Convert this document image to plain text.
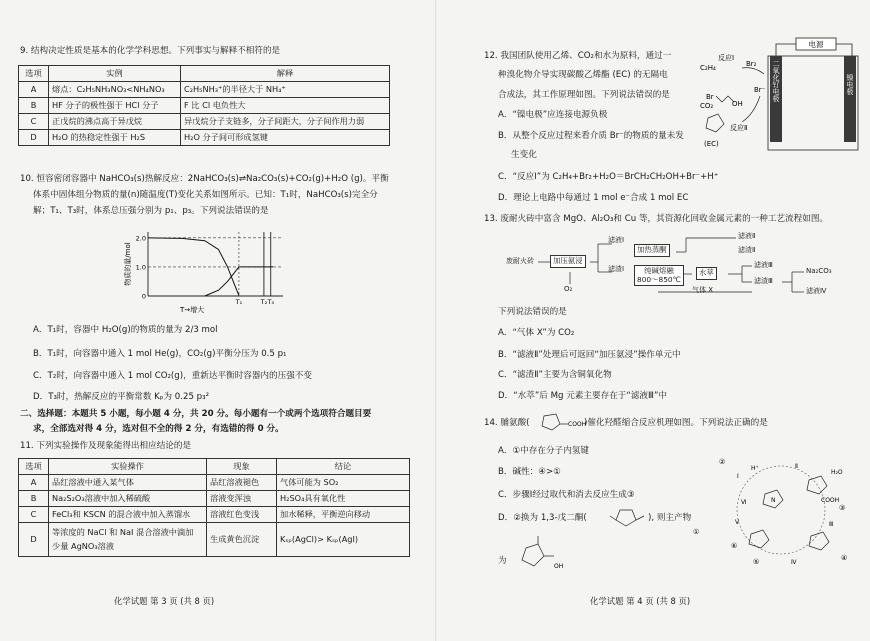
9. 结构决定性质是基本的化学学科思想。下列事实与解释不相符的是
选项	实例	解释
A	熔点：C₂H₅NH₃NO₃<NH₄NO₃	C₂H₅NH₃⁺的半径大于 NH₄⁺
B	HF 分子的极性强于 HCl 分子	F 比 Cl 电负性大
C	正戊烷的沸点高于异戊烷	异戊烷分子支链多，分子间距大，分子间作用力弱
D	H₂O 的热稳定性强于 H₂S	H₂O 分子间可形成氢键
10. 恒容密闭容器中 NaHCO₃(s)热解反应：2NaHCO₃(s)⇌Na₂CO₃(s)+CO₂(g)+H₂O (g)。平衡
体系中固体组分物质的量(n)随温度(T)变化关系如图所示。已知：T₁时，NaHCO₃(s)完全分
解；T₁、T₃时，体系总压强分别为 p₁、p₃。下列说法错误的是
物质的量/mol
2.0
1.0
0
T₁	T₂ T₃
T→增大
A．T₁时，容器中 H₂O(g)的物质的量为 2/3 mol
B．T₁时，向容器中通入 1 mol He(g)，CO₂(g)平衡分压为 0.5 p₁
C．T₂时，向容器中通入 1 mol CO₂(g)，重新达平衡时容器内的压强不变
D．T₃时，热解反应的平衡常数 Kₚ为 0.25 p₃²
二、选择题：本题共 5 小题，每小题 4 分，共 20 分。每小题有一个或两个选项符合题目要
求，全部选对得 4 分，选对但不全的得 2 分，有选错的得 0 分。
11. 下列实验操作及现象能得出相应结论的是
选项	实验操作	现象	结论
A	品红溶液中通入某气体	品红溶液褪色	气体可能为 SO₂
B	Na₂S₂O₃溶液中加入稀硫酸	溶液变浑浊	H₂SO₄具有氧化性
C	FeCl₃和 KSCN 的混合液中加入蒸馏水	溶液红色变浅	加水稀释，平衡逆向移动
D	等浓度的 NaCl 和 NaI 混合溶液中滴加
少量 AgNO₃溶液	生成黄色沉淀	Kₛₚ(AgCl)> Kₛₚ(AgI)
化学试题 第 3 页 (共 8 页)
12. 我国团队使用乙烯、CO₂和水为原料，通过一
种溴化物介导实现碳酸乙烯酯 (EC) 的无隔电
合成法，其工作原理如图。下列说法错误的是
A．“镍电极”应连接电源负极
B．从整个反应过程来看介质 Br⁻的物质的量未发
生变化
C．“反应Ⅰ”为 C₂H₄+Br₂+H₂O＝BrCH₂CH₂OH+Br⁻+H⁺
D．理论上电路中每通过 1 mol e⁻合成 1 mol EC
电源
二氧化钌电极	镍电极
C₂H₄
反应Ⅰ
Br₂
Br⁻
Br
OH
CO₂
反应Ⅱ
(EC)
13. 废耐火砖中富含 MgO、Al₂O₃和 Cu 等，其资源化回收金属元素的一种工艺流程如图。
废耐火砖	加压氨浸
O₂
滤液Ⅰ
加热蒸酮
滤渣Ⅰ	纯碱熔融
800～850℃
水萃
滤液Ⅱ
滤渣Ⅱ
滤液Ⅲ
滤渣Ⅲ
气体 X
Na₂CO₃
滤液Ⅳ
下列说法错误的是
A．“气体 X”为 CO₂
B．“滤液Ⅱ”处理后可返回“加压氨浸”操作单元中
C．“滤渣Ⅱ”主要为含铜氧化物
D．“水萃”后 Mg 元素主要存在于“滤液Ⅲ”中
14. 脯氨酸(	COOH
)催化羟醛缩合反应机理如图。下列说法正确的是
A．①中存在分子内氢键
B．碱性：④>①
C．步骤Ⅰ经过取代和消去反应生成③
D．②换为 1,3-戊二酮(	), 则主产物
为
OH
N	COOH
①
②
③
④
⑤
⑥
Ⅰ
Ⅱ
Ⅲ
Ⅳ
Ⅴ
Ⅵ
H⁺
H₂O
化学试题 第 4 页 (共 8 页)
